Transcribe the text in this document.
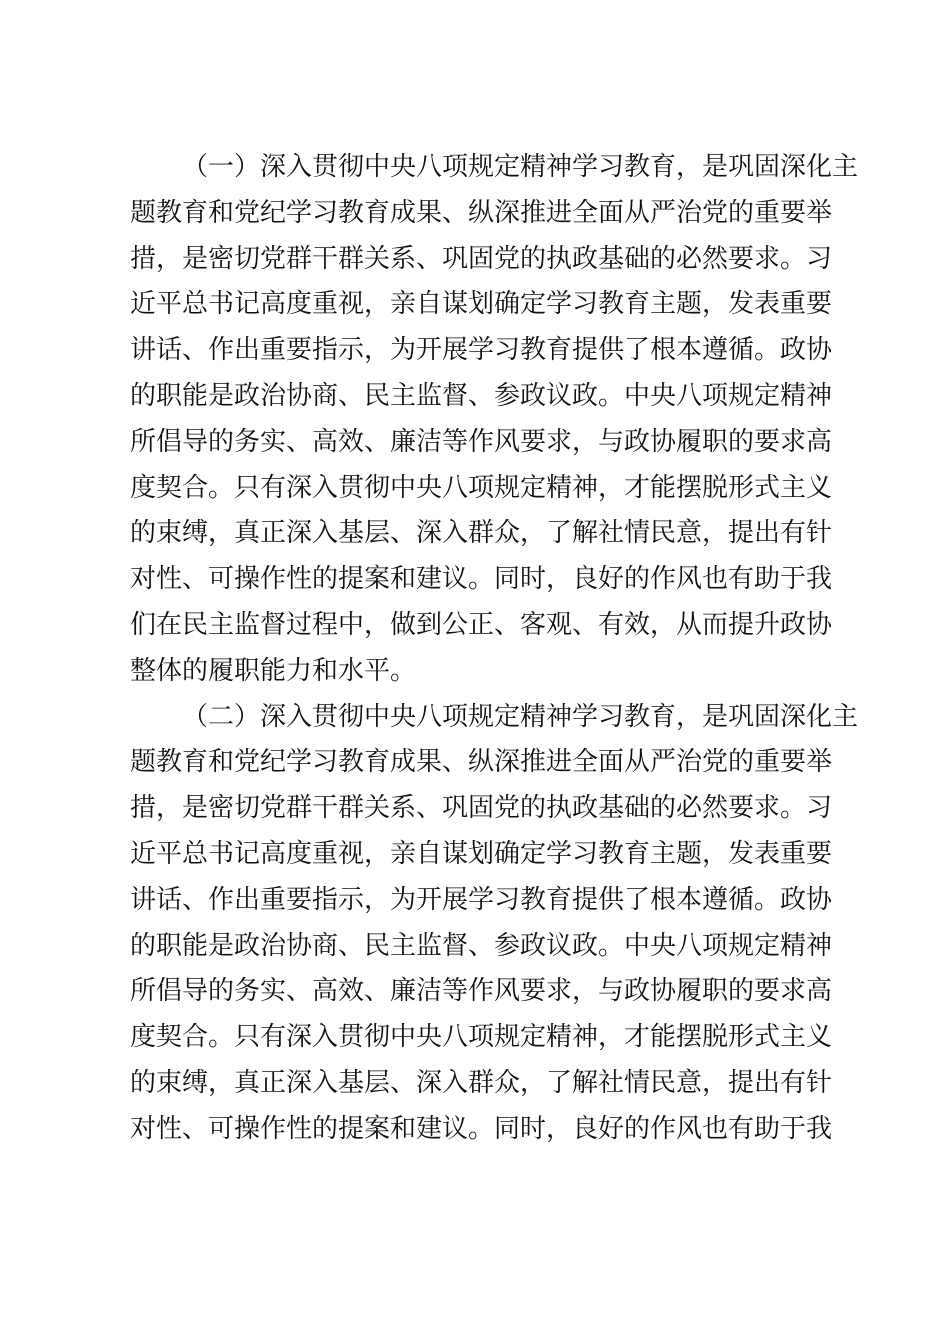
（一）深入贯彻中央八项规定精神学习教育，是巩固深化主
题教育和党纪学习教育成果、纵深推进全面从严治党的重要举
措，是密切党群干群关系、巩固党的执政基础的必然要求。习
近平总书记高度重视，亲自谋划确定学习教育主题，发表重要
讲话、作出重要指示，为开展学习教育提供了根本遵循。政协
的职能是政治协商、民主监督、参政议政。中央八项规定精神
所倡导的务实、高效、廉洁等作风要求，与政协履职的要求高
度契合。只有深入贯彻中央八项规定精神，才能摆脱形式主义
的束缚，真正深入基层、深入群众，了解社情民意，提出有针
对性、可操作性的提案和建议。同时，良好的作风也有助于我
们在民主监督过程中，做到公正、客观、有效，从而提升政协
整体的履职能力和水平。
（二）深入贯彻中央八项规定精神学习教育，是巩固深化主
题教育和党纪学习教育成果、纵深推进全面从严治党的重要举
措，是密切党群干群关系、巩固党的执政基础的必然要求。习
近平总书记高度重视，亲自谋划确定学习教育主题，发表重要
讲话、作出重要指示，为开展学习教育提供了根本遵循。政协
的职能是政治协商、民主监督、参政议政。中央八项规定精神
所倡导的务实、高效、廉洁等作风要求，与政协履职的要求高
度契合。只有深入贯彻中央八项规定精神，才能摆脱形式主义
的束缚，真正深入基层、深入群众，了解社情民意，提出有针
对性、可操作性的提案和建议。同时，良好的作风也有助于我
